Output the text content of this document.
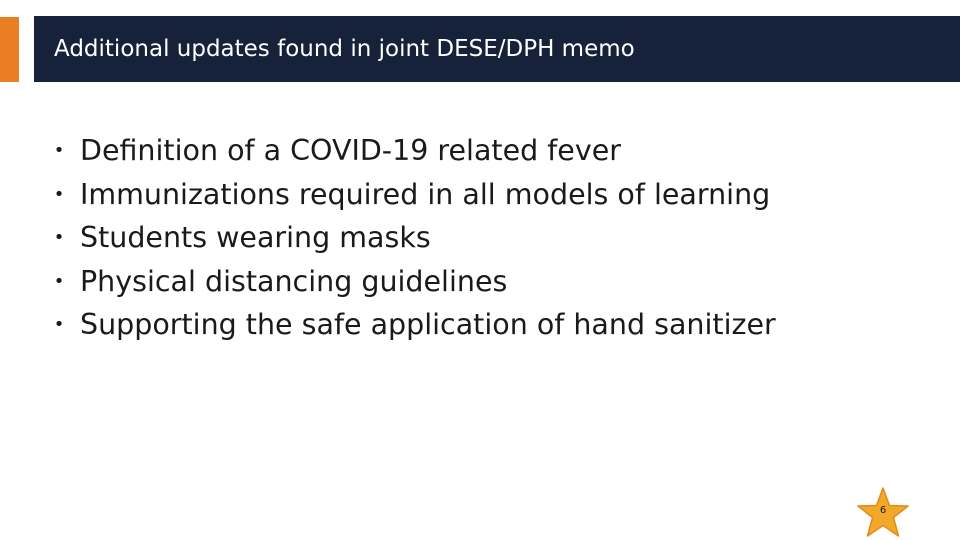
Additional updates found in joint DESE/DPH memo
• Definition of a COVID-19 related fever
• Immunizations required in all models of learning
• Students wearing masks
• Physical distancing guidelines
• Supporting the safe application of hand sanitizer
6
